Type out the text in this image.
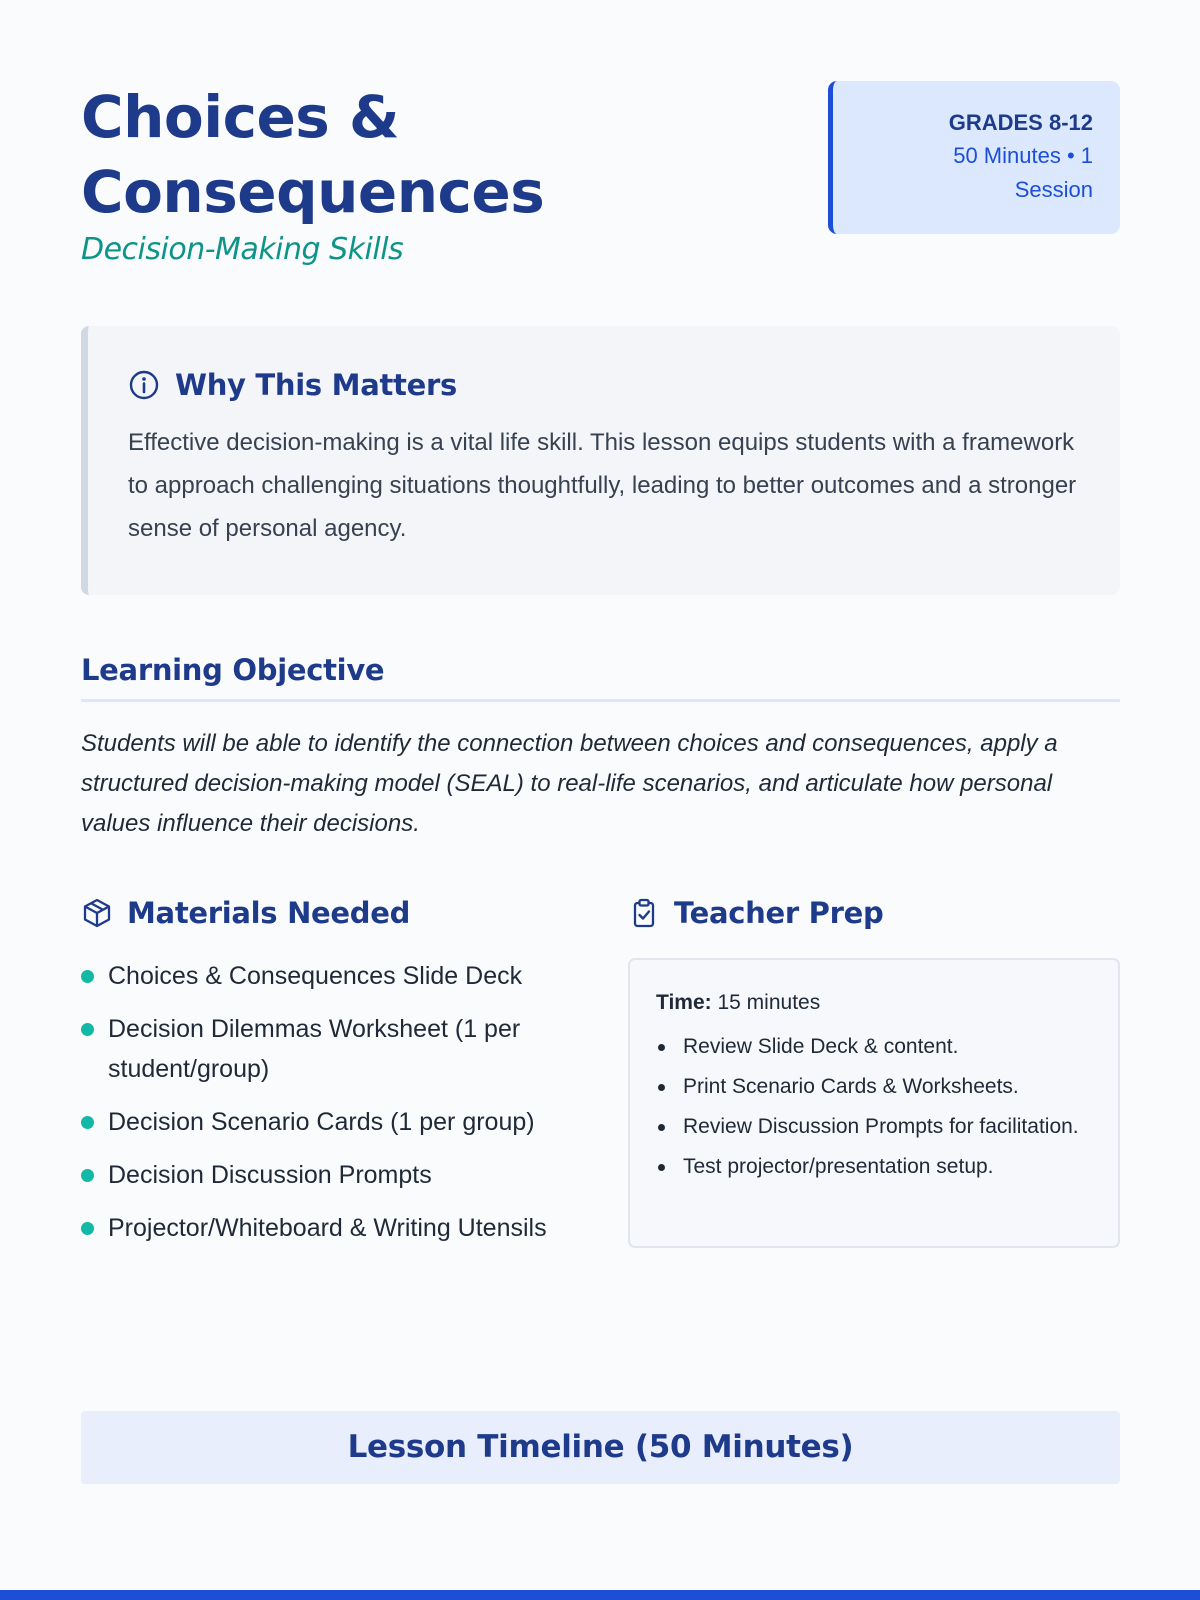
Choices &
Consequences
Decision-Making Skills
GRADES 8-12
50 Minutes • 1 Session
Why This Matters

Effective decision-making is a vital life skill. This lesson equips students with a framework to approach challenging situations thoughtfully, leading to better outcomes and a stronger sense of personal agency.

Learning Objective

Students will be able to identify the connection between choices and consequences, apply a structured decision-making model (SEAL) to real-life scenarios, and articulate how personal values influence their decisions.

Materials Needed
Choices & Consequences Slide Deck
Decision Dilemmas Worksheet (1 per student/group)
Decision Scenario Cards (1 per group)
Decision Discussion Prompts
Projector/Whiteboard & Writing Utensils
Teacher Prep
Time: 15 minutes
Review Slide Deck & content.
Print Scenario Cards & Worksheets.
Review Discussion Prompts for facilitation.
Test projector/presentation setup.
Lesson Timeline (50 Minutes)
